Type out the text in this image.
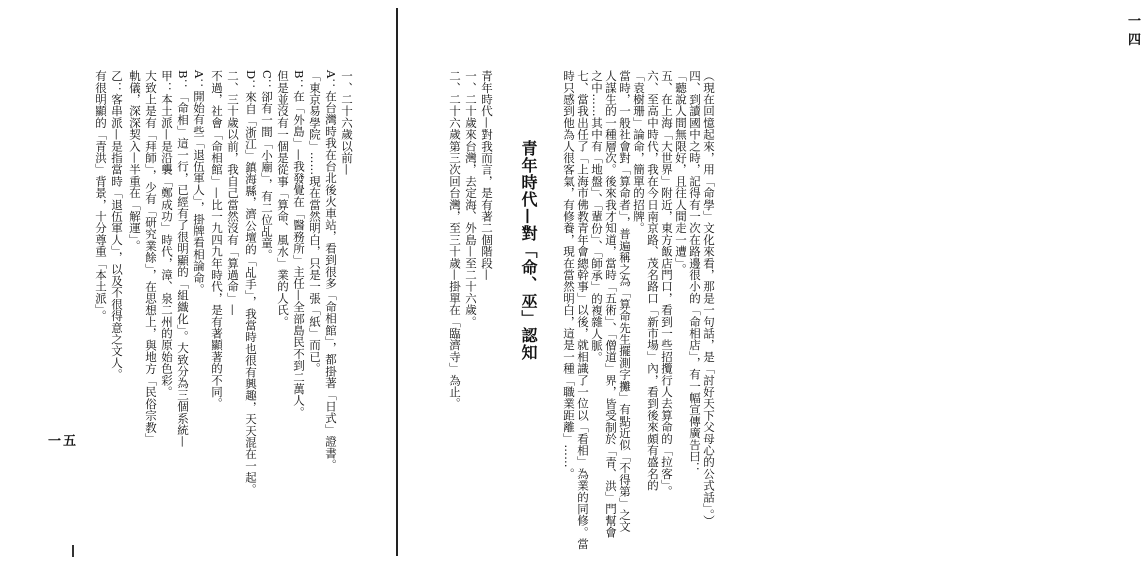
一四
（現在回憶起來，用「命學」文化來看，那是一句話，是「討好天下父母心的公式話」。）
四、到讀國中之時，記得有一次在路邊很小的「命相店」，有一幅宣傳廣告曰：
「聽說人間無限好，且往人間走一遭」。
五、在上海「大世界」附近，東方飯店門口，看到一些招攬行人去算命的「拉客」。
六、至高中時代，我在今日南京路、茂名路口「新市場」內，看到後來頗有盛名的
「袁樹珊」論命，簡單的招牌。
當時，一般社會對「算命者」，普遍稱之為「算命先生擺測字攤」有點近似「不得第」之文
人謀生的一種層次。後來我才知道，當時「五術」、「僧道」界，皆受制於「青、洪」門幫會
之中……其中有「地盤」、「輩份」、「師承」的複雜人脈。
七、當我出任了「上海市佛教青年會總幹事」以後，就相識了一位以「看相」為業的同修。當
時只感到他為人很客氣，有修養，現在當然明白，這是一種「職業距離」……。
青年時代—對「命、巫」認知
青年時代—對我而言，是有著二個階段—
一、二十歲來台灣，去定海、外島—至二十六歲。
二、二十六歲第三次回台灣，至三十歲—掛單在「臨濟寺」為止。
一、二十六歲以前—
A：在台灣時我在台北後火車站，看到很多「命相館」，都掛著「日式」證書。
「東京易學院」……現在當然明白，只是一張「紙」而已。
B：在「外島」—我發覺在「醫務所」主任—全部島民不到二萬人。
但是並沒有一個是從事「算命、風水」業的人氏。
C：卻有一間「小廟」，有二位乩童。
D：來自「浙江」鎮海縣，濟公壇的「乩手」，我當時也很有興趣，天天混在一起。
二、三十歲以前，我自己當然沒有「算過命」—
不過，社會「命相館」—比一九四九年時代，是有著顯著的不同。
A：開始有些「退伍軍人」，掛牌看相論命。
B：「命相」這一行，已經有了很明顯的「組織化」。大致分為三個系統—
甲：本土派—是沿襲「鄭成功」時代，漳、泉二州的原始色彩。
大致上是有「拜師」，少有「研究業餘」，在思想上，與地方「民俗宗教」
軌儀，深深契入—半重在「解運」。
乙：客串派—是指當時「退伍軍人」，以及不很得意之文人。
有很明顯的「青洪」背景，十分尊重「本土派」。
一五
